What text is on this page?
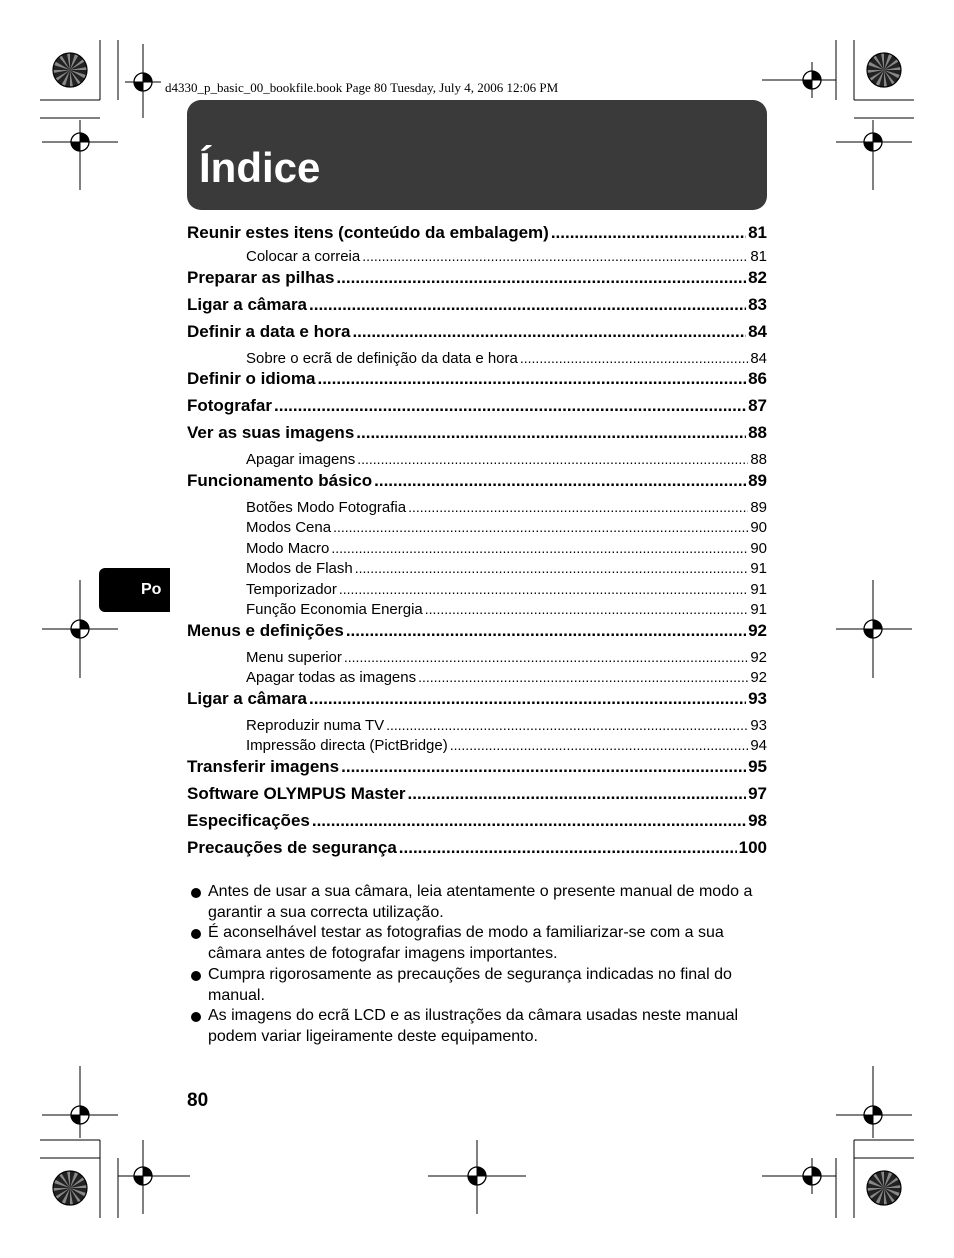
d4330_p_basic_00_bookfile.book Page 80 Tuesday, July 4, 2006 12:06 PM
Índice
Reunir estes itens (conteúdo da embalagem) .....	81
Colocar a correia .....	81
Preparar as pilhas .....	82
Ligar a câmara .....	83
Definir a data e hora .....	84
Sobre o ecrã de definição da data e hora .....	84
Definir o idioma .....	86
Fotografar .....	87
Ver as suas imagens .....	88
Apagar imagens .....	88
Funcionamento básico .....	89
Botões Modo Fotografia .....	89
Modos Cena .....	90
Modo Macro .....	90
Modos de Flash .....	91
Temporizador .....	91
Função Economia Energia .....	91
Menus e definições .....	92
Menu superior .....	92
Apagar todas as imagens .....	92
Ligar a câmara .....	93
Reproduzir numa TV .....	93
Impressão directa (PictBridge) .....	94
Transferir imagens .....	95
Software OLYMPUS Master .....	97
Especificações .....	98
Precauções de segurança .....	100
Po
Antes de usar a sua câmara, leia atentamente o presente manual de modo a garantir a sua correcta utilização.
É aconselhável testar as fotografias de modo a familiarizar-se com a sua câmara antes de fotografar imagens importantes.
Cumpra rigorosamente as precauções de segurança indicadas no final do manual.
As imagens do ecrã LCD e as ilustrações da câmara usadas neste manual podem variar ligeiramente deste equipamento.
80
